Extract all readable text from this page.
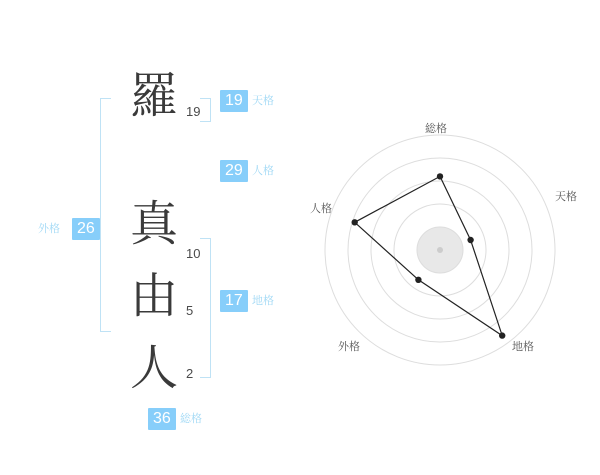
羅
真
由
人
19
10
5
2
19 天格
29 人格
17 地格
外格	26
36 総格
総格
天格
地格
外格
人格
